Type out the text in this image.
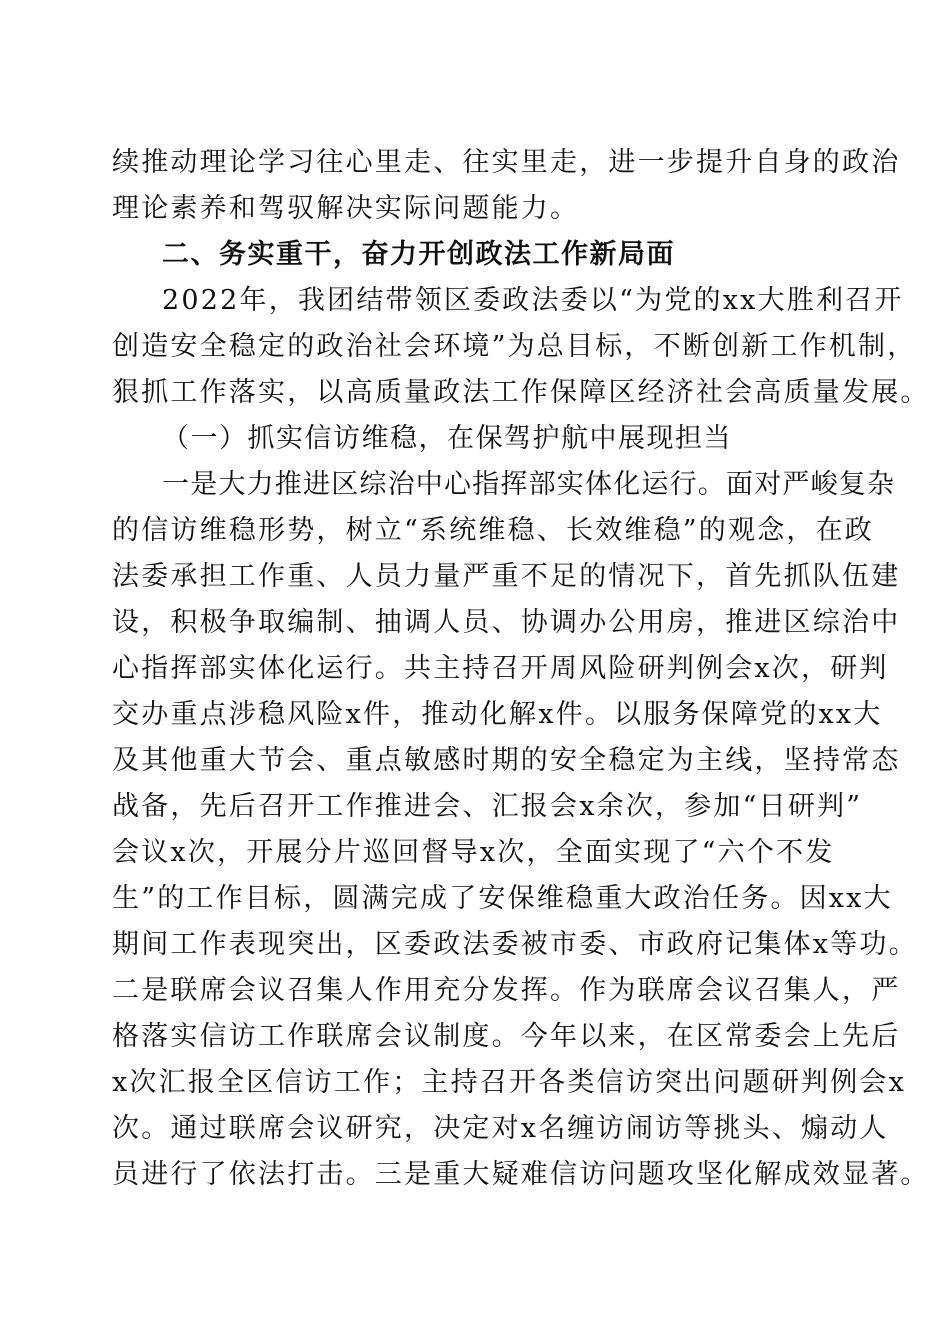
续推动理论学习往心里走、往实里走，进一步提升自身的政治
理论素养和驾驭解决实际问题能力。
二、务实重干，奋力开创政法工作新局面
2022年，我团结带领区委政法委以“为党的xx大胜利召开
创造安全稳定的政治社会环境”为总目标，不断创新工作机制，
狠抓工作落实，以高质量政法工作保障区经济社会高质量发展。
（一）抓实信访维稳，在保驾护航中展现担当
一是大力推进区综治中心指挥部实体化运行。面对严峻复杂
的信访维稳形势，树立“系统维稳、长效维稳”的观念，在政
法委承担工作重、人员力量严重不足的情况下，首先抓队伍建
设，积极争取编制、抽调人员、协调办公用房，推进区综治中
心指挥部实体化运行。共主持召开周风险研判例会x次，研判
交办重点涉稳风险x件，推动化解x件。以服务保障党的xx大
及其他重大节会、重点敏感时期的安全稳定为主线，坚持常态
战备，先后召开工作推进会、汇报会x余次，参加“日研判”
会议x次，开展分片巡回督导x次，全面实现了“六个不发
生”的工作目标，圆满完成了安保维稳重大政治任务。因xx大
期间工作表现突出，区委政法委被市委、市政府记集体x等功。
二是联席会议召集人作用充分发挥。作为联席会议召集人，严
格落实信访工作联席会议制度。今年以来，在区常委会上先后
x次汇报全区信访工作；主持召开各类信访突出问题研判例会x
次。通过联席会议研究，决定对x名缠访闹访等挑头、煽动人
员进行了依法打击。三是重大疑难信访问题攻坚化解成效显著。
